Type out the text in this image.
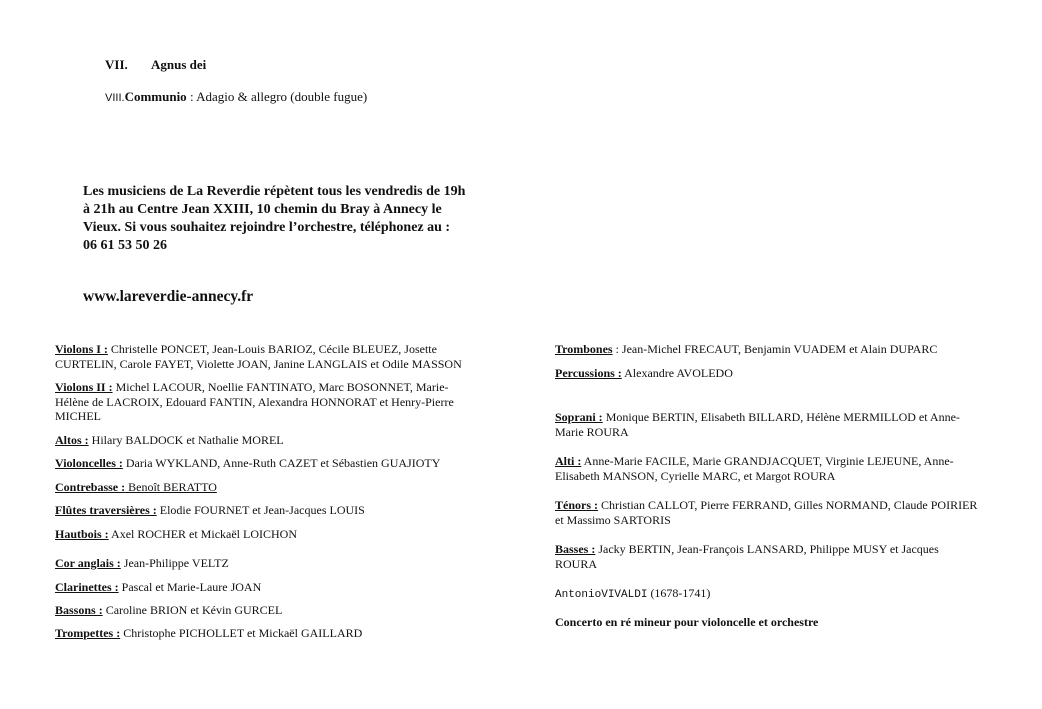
VII. Agnus dei
VIII.Communio : Adagio & allegro (double fugue)
Les musiciens de La Reverdie répètent tous les vendredis de 19h
à 21h au Centre Jean XXIII, 10 chemin du Bray à Annecy le
Vieux. Si vous souhaitez rejoindre l’orchestre, téléphonez au :
06 61 53 50 26
www.lareverdie-annecy.fr
Violons I : Christelle PONCET, Jean-Louis BARIOZ, Cécile BLEUEZ, Josette
CURTELIN, Carole FAYET, Violette JOAN, Janine LANGLAIS et Odile MASSON
Violons II : Michel LACOUR, Noellie FANTINATO, Marc BOSONNET, Marie-
Hélène de LACROIX, Edouard FANTIN, Alexandra HONNORAT et Henry-Pierre
MICHEL
Altos : Hilary BALDOCK et Nathalie MOREL
Violoncelles : Daria WYKLAND, Anne-Ruth CAZET et Sébastien GUAJIOTY
Contrebasse : Benoît BERATTO
Flûtes traversières : Elodie FOURNET et Jean-Jacques LOUIS
Hautbois : Axel ROCHER et Mickaël LOICHON
Cor anglais : Jean-Philippe VELTZ
Clarinettes : Pascal et Marie-Laure JOAN
Bassons : Caroline BRION et Kévin GURCEL
Trompettes : Christophe PICHOLLET et Mickaël GAILLARD
Trombones : Jean-Michel FRECAUT, Benjamin VUADEM et Alain DUPARC
Percussions : Alexandre AVOLEDO
Soprani : Monique BERTIN, Elisabeth BILLARD, Hélène MERMILLOD et Anne-
Marie ROURA
Alti : Anne-Marie FACILE, Marie GRANDJACQUET, Virginie LEJEUNE, Anne-
Elisabeth MANSON, Cyrielle MARC, et Margot ROURA
Ténors : Christian CALLOT, Pierre FERRAND, Gilles NORMAND, Claude POIRIER
et Massimo SARTORIS
Basses : Jacky BERTIN, Jean-François LANSARD, Philippe MUSY et Jacques
ROURA
AntonioVIVALDI (1678-1741)
Concerto en ré mineur pour violoncelle et orchestre
